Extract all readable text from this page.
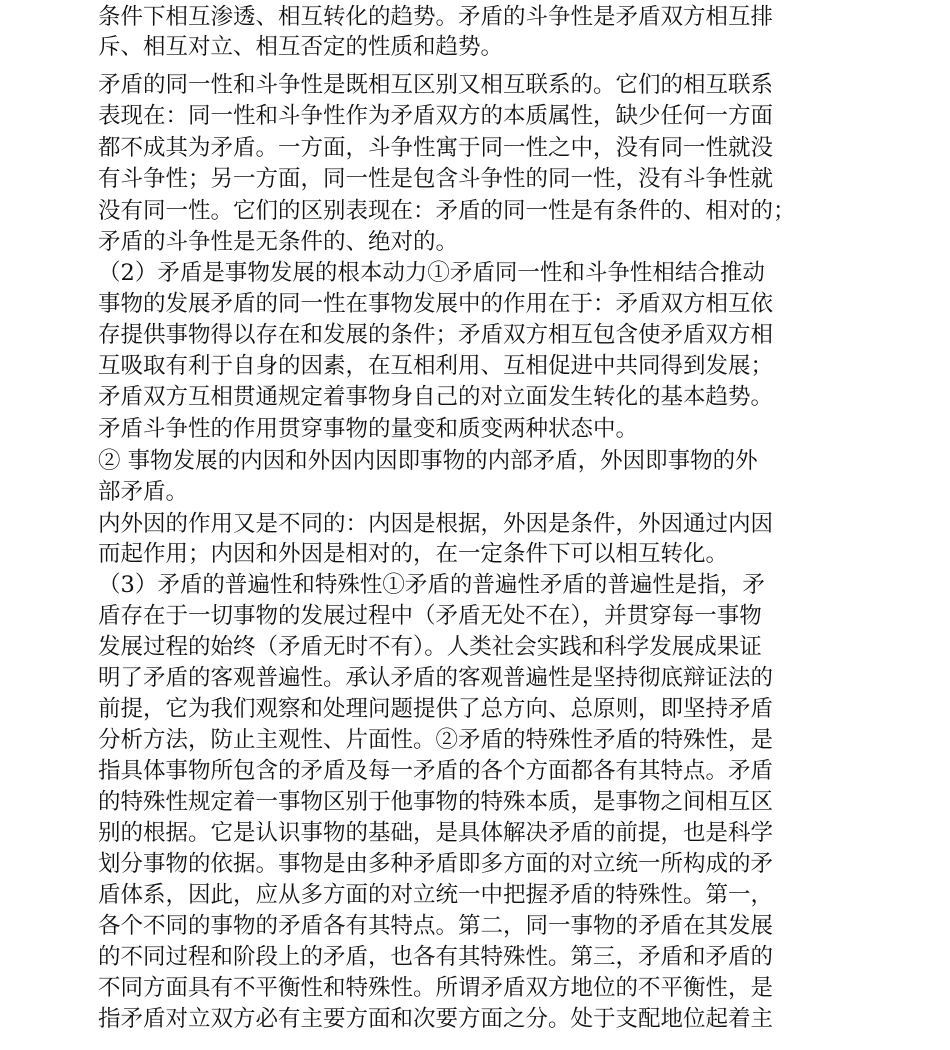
条件下相互渗透、相互转化的趋势。矛盾的斗争性是矛盾双方相互排
斥、相互对立、相互否定的性质和趋势。
矛盾的同一性和斗争性是既相互区别又相互联系的。它们的相互联系
表现在：同一性和斗争性作为矛盾双方的本质属性，缺少任何一方面
都不成其为矛盾。一方面，斗争性寓于同一性之中，没有同一性就没
有斗争性；另一方面，同一性是包含斗争性的同一性，没有斗争性就
没有同一性。它们的区别表现在：矛盾的同一性是有条件的、相对的；
矛盾的斗争性是无条件的、绝对的。
（2）矛盾是事物发展的根本动力①矛盾同一性和斗争性相结合推动
事物的发展矛盾的同一性在事物发展中的作用在于：矛盾双方相互依
存提供事物得以存在和发展的条件；矛盾双方相互包含使矛盾双方相
互吸取有利于自身的因素，在互相利用、互相促进中共同得到发展；
矛盾双方互相贯通规定着事物身自己的对立面发生转化的基本趋势。
矛盾斗争性的作用贯穿事物的量变和质变两种状态中。
② 事物发展的内因和外因内因即事物的内部矛盾，外因即事物的外
部矛盾。
内外因的作用又是不同的：内因是根据，外因是条件，外因通过内因
而起作用；内因和外因是相对的，在一定条件下可以相互转化。
（3）矛盾的普遍性和特殊性①矛盾的普遍性矛盾的普遍性是指，矛
盾存在于一切事物的发展过程中（矛盾无处不在），并贯穿每一事物
发展过程的始终（矛盾无时不有）。人类社会实践和科学发展成果证
明了矛盾的客观普遍性。承认矛盾的客观普遍性是坚持彻底辩证法的
前提，它为我们观察和处理问题提供了总方向、总原则，即坚持矛盾
分析方法，防止主观性、片面性。②矛盾的特殊性矛盾的特殊性，是
指具体事物所包含的矛盾及每一矛盾的各个方面都各有其特点。矛盾
的特殊性规定着一事物区别于他事物的特殊本质，是事物之间相互区
别的根据。它是认识事物的基础，是具体解决矛盾的前提，也是科学
划分事物的依据。事物是由多种矛盾即多方面的对立统一所构成的矛
盾体系，因此，应从多方面的对立统一中把握矛盾的特殊性。第一，
各个不同的事物的矛盾各有其特点。第二，同一事物的矛盾在其发展
的不同过程和阶段上的矛盾，也各有其特殊性。第三，矛盾和矛盾的
不同方面具有不平衡性和特殊性。所谓矛盾双方地位的不平衡性，是
指矛盾对立双方必有主要方面和次要方面之分。处于支配地位起着主
